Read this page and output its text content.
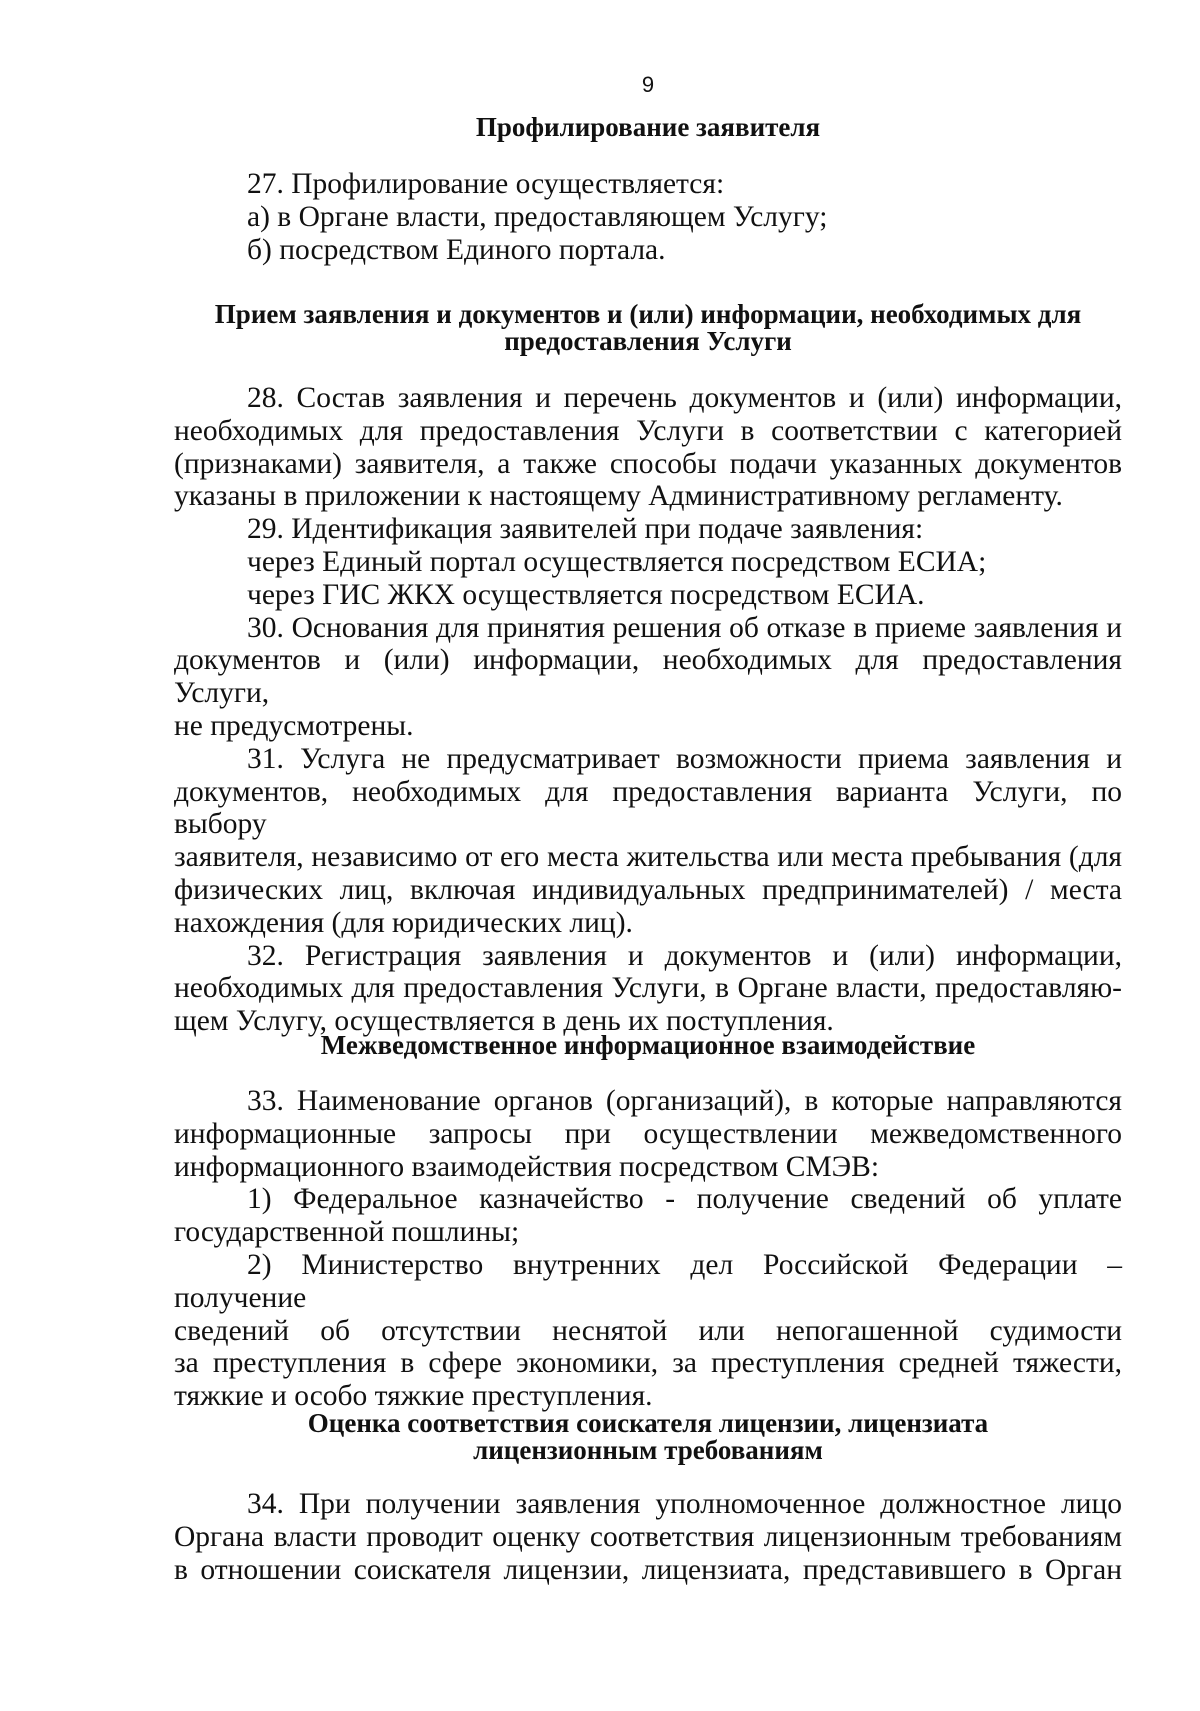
9
Профилирование заявителя

27. Профилирование осуществляется:

а) в Органе власти, предоставляющем Услугу;

б) посредством Единого портала.

Прием заявления и документов и (или) информации, необходимых для
предоставления Услуги

28. Состав заявления и перечень документов и (или) информации,

необходимых для предоставления Услуги в соответствии с категорией

(признаками) заявителя, а также способы подачи указанных документов

указаны в приложении к настоящему Административному регламенту.

29. Идентификация заявителей при подаче заявления:

через Единый портал осуществляется посредством ЕСИА;

через ГИС ЖКХ осуществляется посредством ЕСИА.

30. Основания для принятия решения об отказе в приеме заявления и

документов и (или) информации, необходимых для предоставления Услуги,

не предусмотрены.

31. Услуга не предусматривает возможности приема заявления и

документов, необходимых для предоставления варианта Услуги, по выбору

заявителя, независимо от его места жительства или места пребывания (для

физических лиц, включая индивидуальных предпринимателей) / места

нахождения (для юридических лиц).

32. Регистрация заявления и документов и (или) информации,

необходимых для предоставления Услуги, в Органе власти, предоставляю-

щем Услугу, осуществляется в день их поступления.

Межведомственное информационное взаимодействие

33. Наименование органов (организаций), в которые направляются

информационные запросы при осуществлении межведомственного

информационного взаимодействия посредством СМЭВ:

1) Федеральное казначейство - получение сведений об уплате

государственной пошлины;

2) Министерство внутренних дел Российской Федерации – получение

сведений об отсутствии неснятой или непогашенной судимости

за преступления в сфере экономики, за преступления средней тяжести,

тяжкие и особо тяжкие преступления.

Оценка соответствия соискателя лицензии, лицензиата
лицензионным требованиям

34. При получении заявления уполномоченное должностное лицо

Органа власти проводит оценку соответствия лицензионным требованиям

в отношении соискателя лицензии, лицензиата, представившего в Орган
